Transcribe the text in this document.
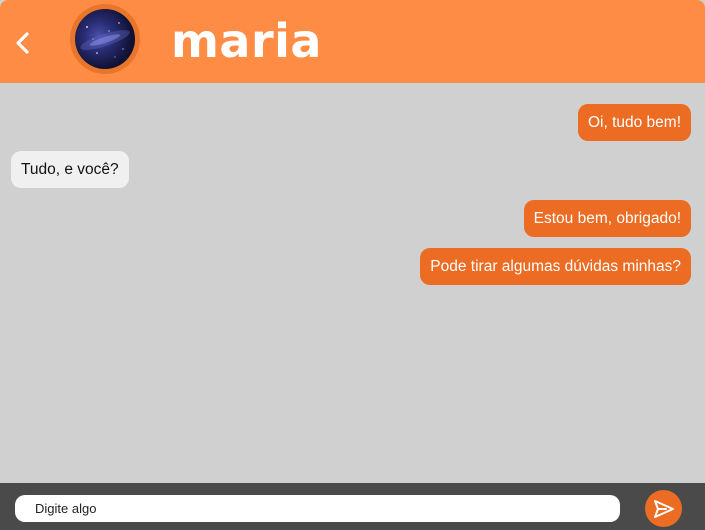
maria
Oi, tudo bem!
Tudo, e você?
Estou bem, obrigado!
Pode tirar algumas dúvidas minhas?
Digite algo
